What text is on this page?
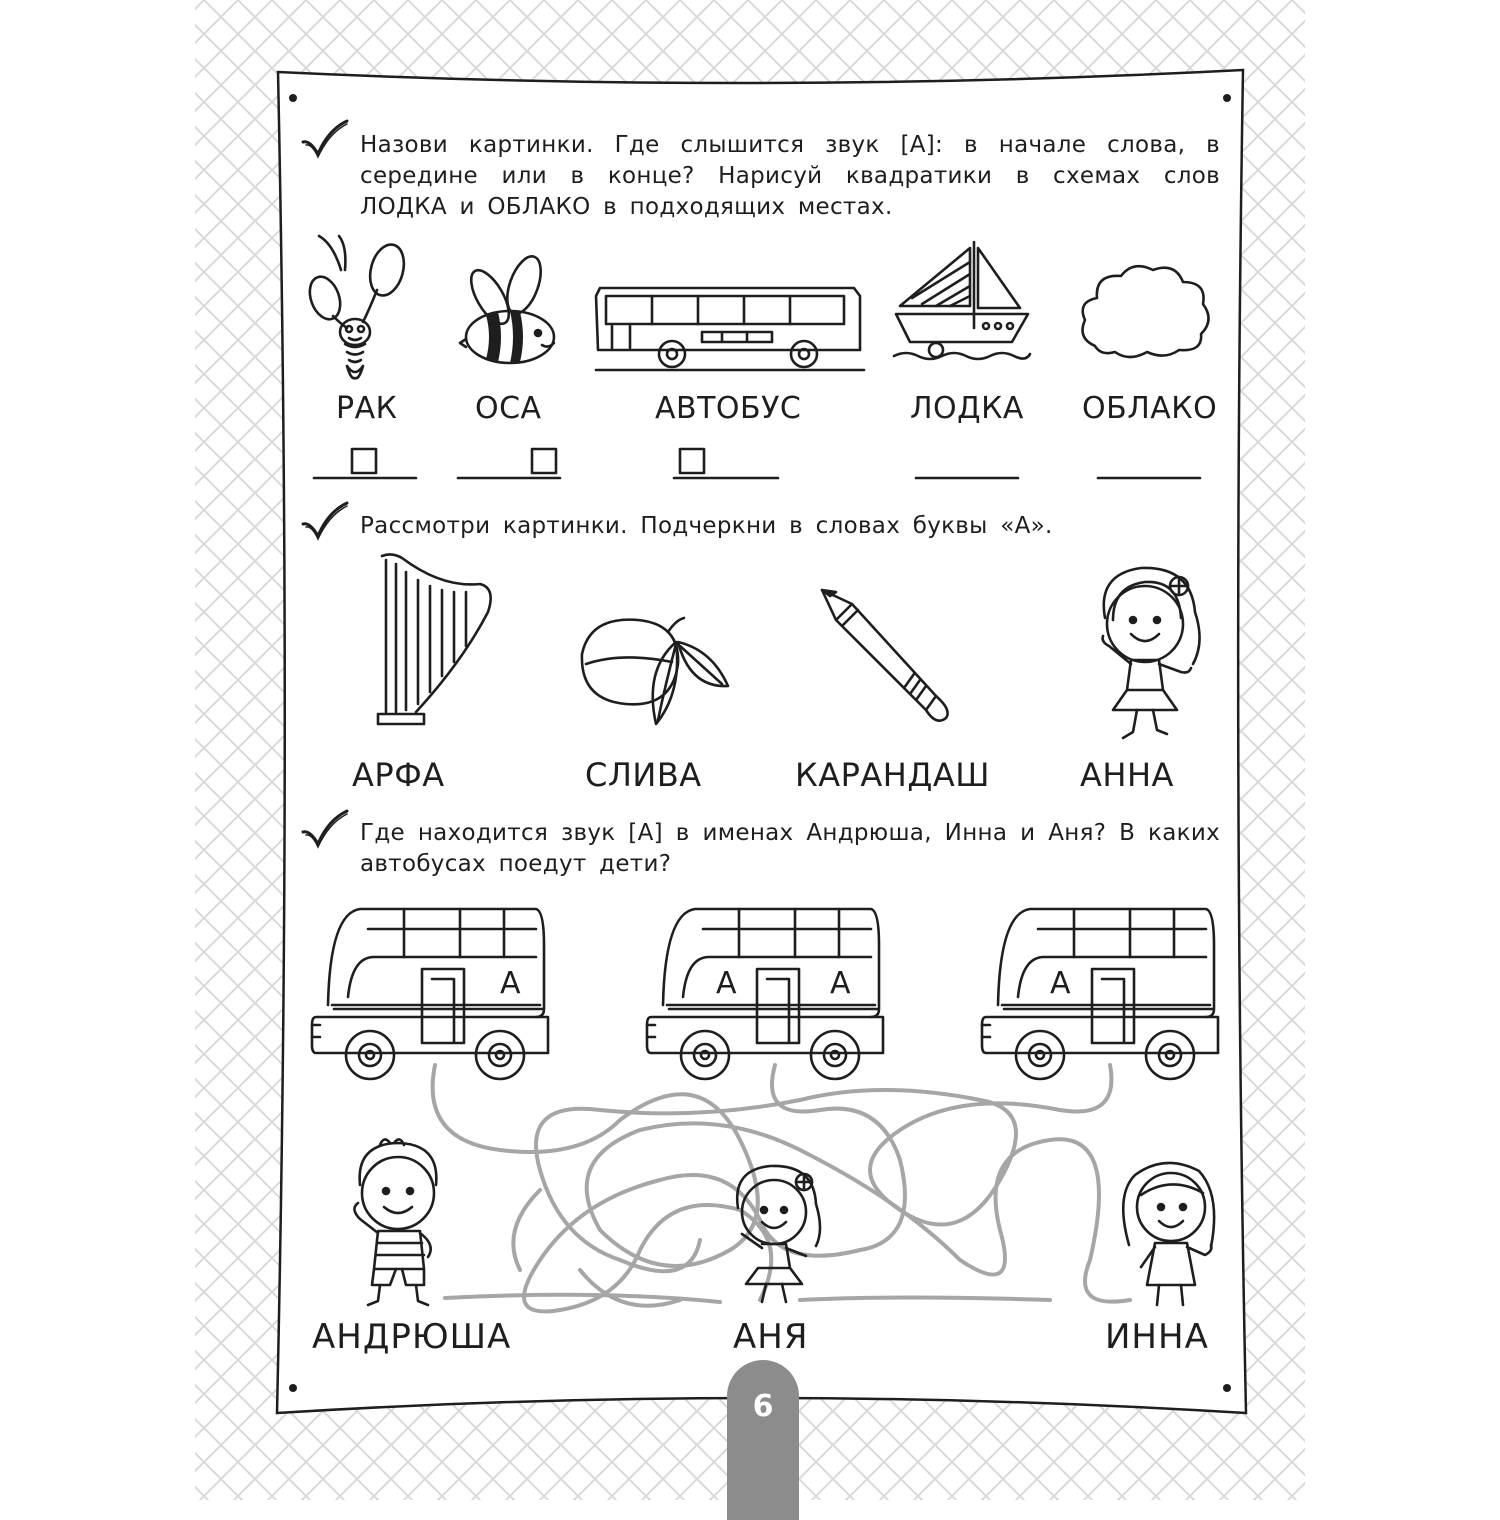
Назови картинки. Где слышится звук [А]: в начале слова, в середине или в конце? Нарисуй квадратики в схемах слов ЛОДКА и ОБЛАКО в подходящих местах.

РАК	ОСА	АВТОБУС	ЛОДКА ОБЛАКО

Рассмотри картинки. Подчеркни в словах буквы «А».

АРФА	СЛИВА	КАРАНДАШ	АННА

Где находится звук [А] в именах Андрюша, Инна и Аня? В каких автобусах поедут дети?

А	А	А	А
АНДРЮША	АНЯ	ИННА
6
